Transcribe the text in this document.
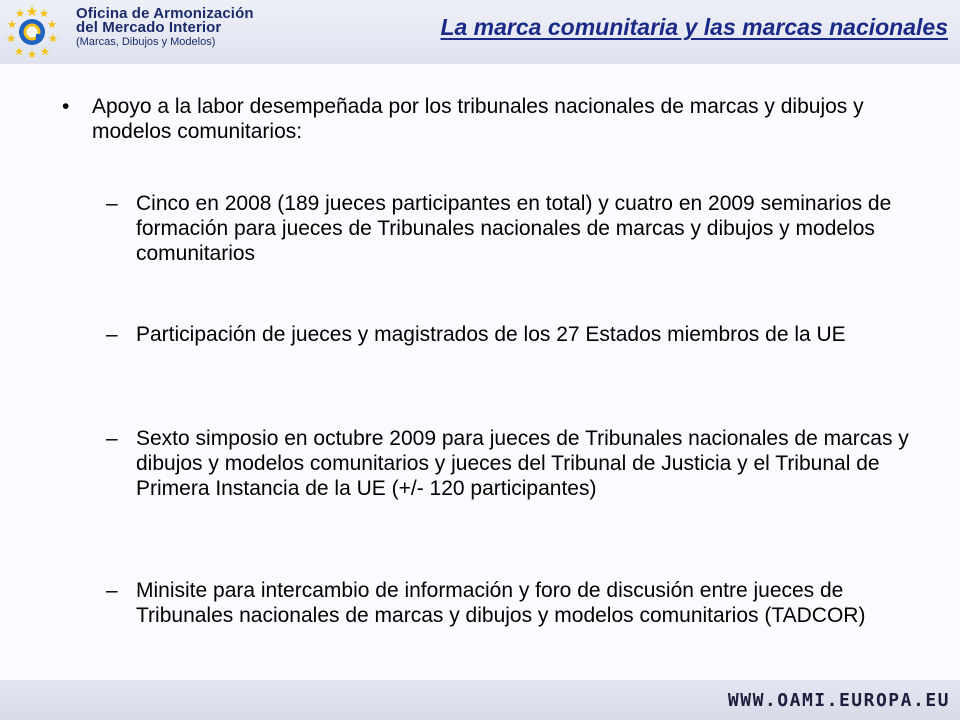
Oficina de Armonización
del Mercado Interior
(Marcas, Dibujos y Modelos)
La marca comunitaria y las marcas nacionales
• Apoyo a la labor desempeñada por los tribunales nacionales de marcas y dibujos y modelos comunitarios:
– Cinco en 2008 (189 jueces participantes en total) y cuatro en 2009 seminarios de formación para jueces de Tribunales nacionales de marcas y dibujos y modelos comunitarios
– Participación de jueces y magistrados de los 27 Estados miembros de la UE
– Sexto simposio en octubre 2009 para jueces de Tribunales nacionales de marcas y dibujos y modelos comunitarios y jueces del Tribunal de Justicia y el Tribunal de Primera Instancia de la UE (+/- 120 participantes)
– Minisite para intercambio de información y foro de discusión entre jueces de Tribunales nacionales de marcas y dibujos y modelos comunitarios (TADCOR)
WWW.OAMI.EUROPA.EU
